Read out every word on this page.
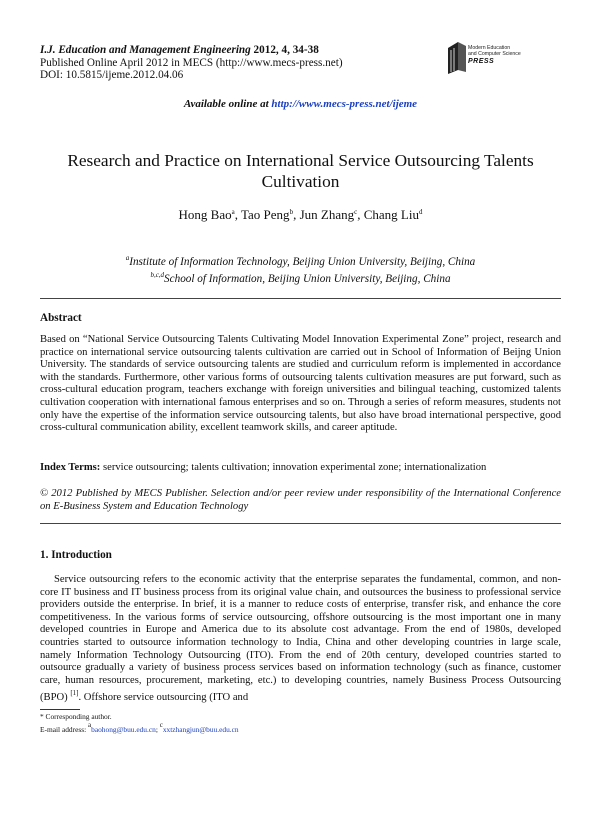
I.J. Education and Management Engineering 2012, 4, 34-38
Published Online April 2012 in MECS (http://www.mecs-press.net)
DOI: 10.5815/ijeme.2012.04.06
Modern Education
and Computer Science
PRESS
Available online at http://www.mecs-press.net/ijeme
Research and Practice on International Service Outsourcing Talents Cultivation
Hong Bao$^a$, Tao Peng$^b$, Jun Zhang$^c$, Chang Liu$^d$
$^a$Institute of Information Technology, Beijing Union University, Beijing, China
$^{b,c,d}$School of Information, Beijing Union University, Beijing, China
Abstract
Based on “National Service Outsourcing Talents Cultivating Model Innovation Experimental Zone” project, research and practice on international service outsourcing talents cultivation are carried out in School of Information of Beijng Union University. The standards of service outsourcing talents are studied and curriculum reform is implemented in accordance with the standards. Furthermore, other various forms of outsourcing talents cultivation measures are put forward, such as cross-cultural education program, teachers exchange with foreign universities and bilingual teaching, customized talents cultivation cooperation with international famous enterprises and so on. Through a series of reform measures, students not only have the expertise of the information service outsourcing talents, but also have broad international perspective, good cross-cultural communication ability, excellent teamwork skills, and career aptitude.
Index Terms: service outsourcing; talents cultivation; innovation experimental zone; internationalization
© 2012 Published by MECS Publisher. Selection and/or peer review under responsibility of the International Conference on E-Business System and Education Technology
1. Introduction
Service outsourcing refers to the economic activity that the enterprise separates the fundamental, common, and non-core IT business and IT business process from its original value chain, and outsources the business to professional service providers outside the enterprise. In brief, it is a manner to reduce costs of enterprise, transfer risk, and enhance the core competitiveness. In the various forms of service outsourcing, offshore outsourcing is the most important one in many developed countries in Europe and America due to its absolute cost advantage. From the end of 1980s, developed countries started to outsource information technology to India, China and other developing countries in large scale, namely Information Technology Outsourcing (ITO). From the end of 20th century, developed countries started to outsource gradually a variety of business process services based on information technology (such as finance, customer care, human resources, procurement, marketing, etc.) to developing countries, namely Business Process Outsourcing (BPO) [1]. Offshore service outsourcing (ITO and
* Corresponding author.
E-mail address: $^a$baohong@buu.edu.cn; $^c$xxtzhangjun@buu.edu.cn
